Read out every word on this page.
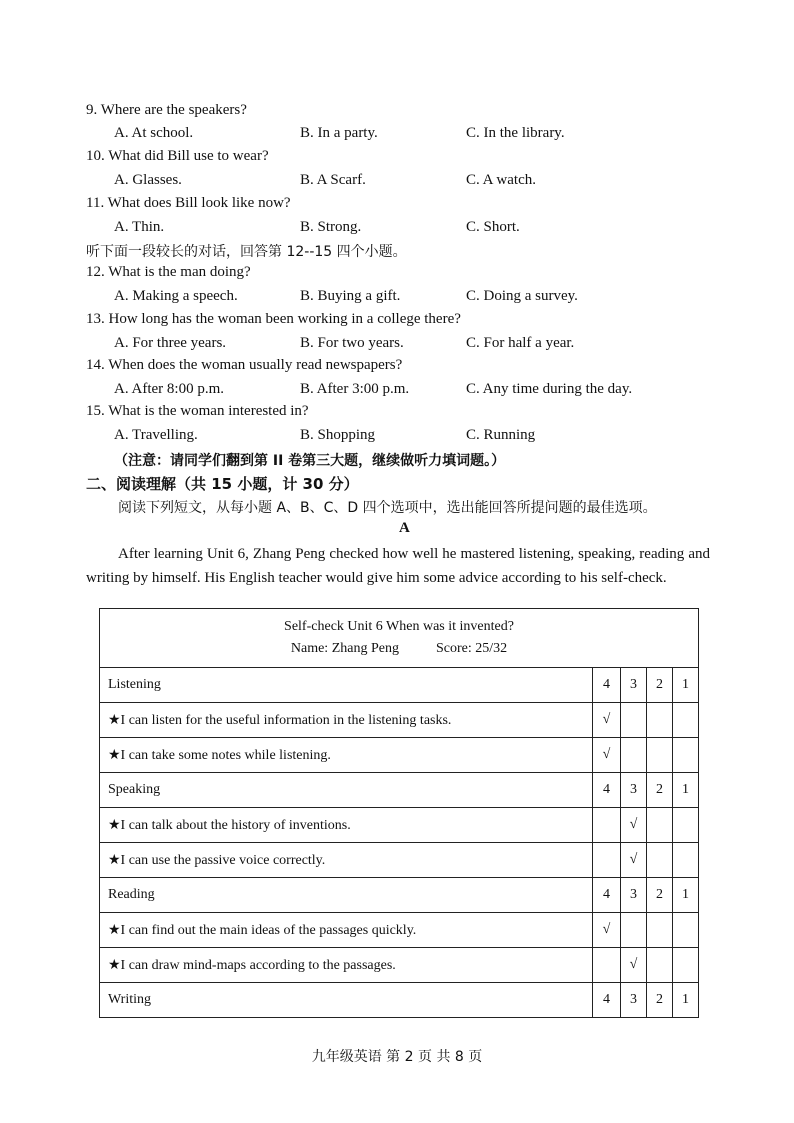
9. Where are the speakers?
A. At school.	B. In a party.	C. In the library.
10. What did Bill use to wear?
A. Glasses.	B. A Scarf.	C. A watch.
11. What does Bill look like now?
A. Thin.	B. Strong.	C. Short.
听下面一段较长的对话，回答第 12--15 四个小题。
12. What is the man doing?
A. Making a speech.	B. Buying a gift.	C. Doing a survey.
13. How long has the woman been working in a college there?
A. For three years.	B. For two years.	C. For half a year.
14. When does the woman usually read newspapers?
A. After 8:00 p.m.	B. After 3:00 p.m.	C. Any time during the day.
15. What is the woman interested in?
A. Travelling.	B. Shopping	C. Running
（注意：请同学们翻到第 II 卷第三大题，继续做听力填词题。）
二、阅读理解（共 15 小题，计 30 分）
阅读下列短文，从每小题 A、B、C、D 四个选项中，选出能回答所提问题的最佳选项。
A
After learning Unit 6, Zhang Peng checked how well he mastered listening, speaking, reading and writing by himself. His English teacher would give him some advice according to his self-check.
Self-check Unit 6 When was it invented?
Name: Zhang Peng Score: 25/32				

Listening	4	3	2	1
★I can listen for the useful information in the listening tasks.	√			
★I can take some notes while listening.	√			
Speaking	4	3	2	1
★I can talk about the history of inventions.		√		
★I can use the passive voice correctly.		√		
Reading	4	3	2	1
★I can find out the main ideas of the passages quickly.	√			
★I can draw mind-maps according to the passages.		√		
Writing	4	3	2	1
九年级英语 第 2 页 共 8 页
